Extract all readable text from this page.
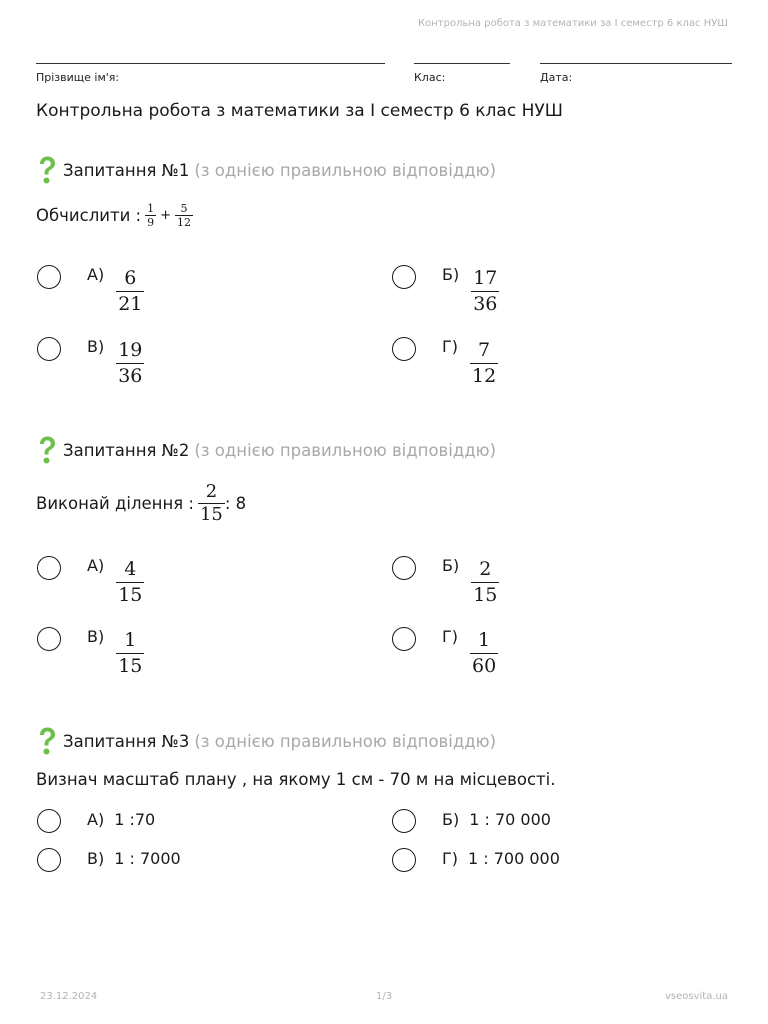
Контрольна робота з математики за І семестр 6 клас НУШ
Прізвище ім'я:	Клас:	Дата:
Контрольна робота з математики за І семестр 6 клас НУШ
Запитання №1 (з однією правильною відповіддю)
Обчислити : $\frac{1}{9} + \frac{5}{12}$
$А) \frac{6}{21}$	$Б) \frac{17}{36}$
$В) \frac{19}{36}$	$Г) \frac{7}{12}$
Запитання №2 (з однією правильною відповіддю)
Виконай ділення : $\frac{2}{15}$ : 8
$А) \frac{4}{15}$	$Б) \frac{2}{15}$
$В) \frac{1}{15}$	$Г) \frac{1}{60}$
Запитання №3 (з однією правильною відповіддю)
Визнач масштаб плану , на якому 1 см - 70 м на місцевості.
А) 1 :70	Б) 1 : 70 000
В) 1 : 7000	Г) 1 : 700 000
23.12.2024	1/3	vseosvita.ua
